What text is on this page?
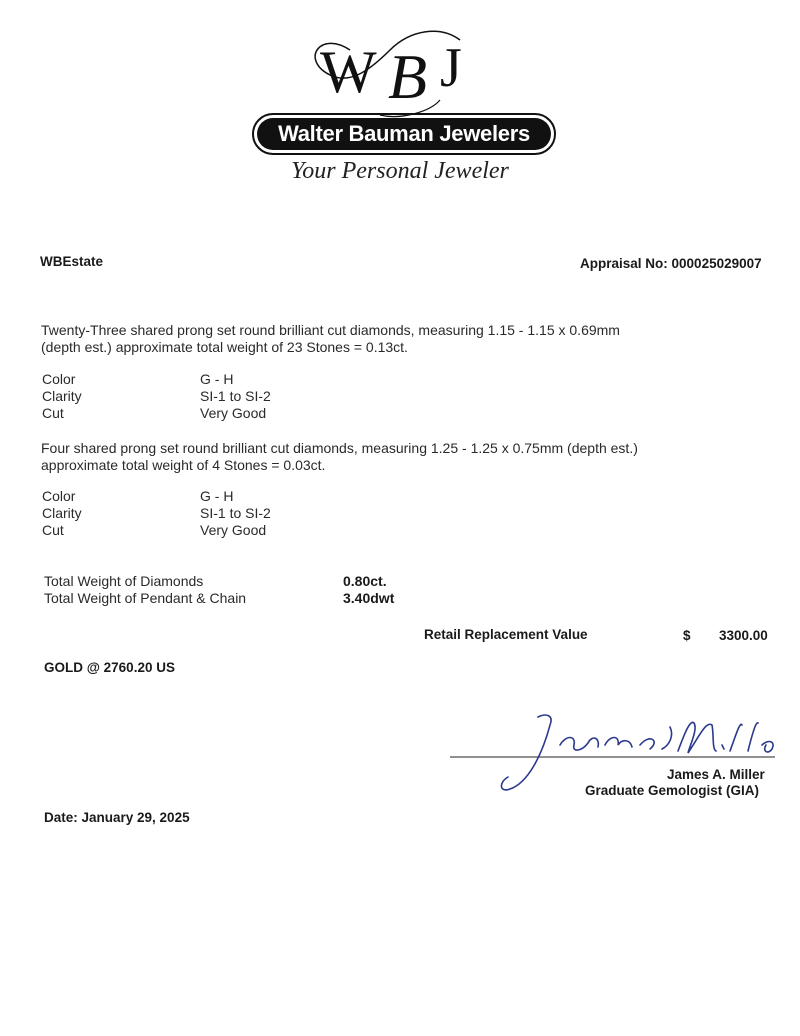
W B J
Walter Bauman Jewelers
Your Personal Jeweler
WBEstate	Appraisal No: 000025029007
Twenty-Three shared prong set round brilliant cut diamonds, measuring 1.15 - 1.15 x 0.69mm
(depth est.) approximate total weight of 23 Stones = 0.13ct.
Color	G - H
Clarity	SI-1 to SI-2
Cut	Very Good
Four shared prong set round brilliant cut diamonds, measuring 1.25 - 1.25 x 0.75mm (depth est.)
approximate total weight of 4 Stones = 0.03ct.
Color	G - H
Clarity	SI-1 to SI-2
Cut	Very Good
Total Weight of Diamonds	0.80ct.
Total Weight of Pendant & Chain	3.40dwt
Retail Replacement Value	$ 3300.00
GOLD @ 2760.20 US
James A. Miller
Graduate Gemologist (GIA)
Date: January 29, 2025
